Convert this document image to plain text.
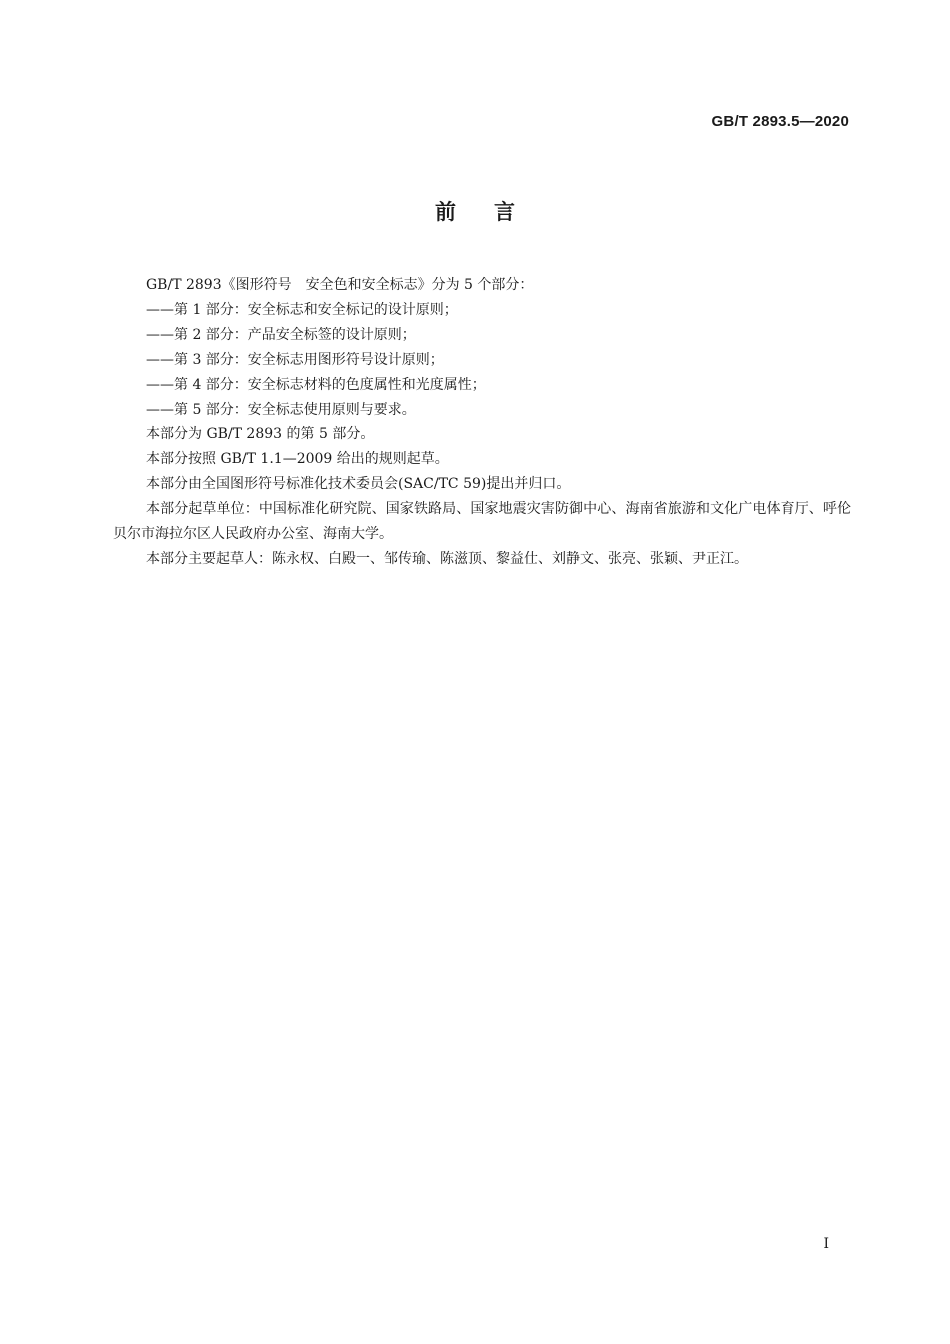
GB/T 2893.5—2020
前言

GB/T 2893《图形符号　安全色和安全标志》分为 5 个部分：

——第 1 部分：安全标志和安全标记的设计原则；

——第 2 部分：产品安全标签的设计原则；

——第 3 部分：安全标志用图形符号设计原则；

——第 4 部分：安全标志材料的色度属性和光度属性；

——第 5 部分：安全标志使用原则与要求。

本部分为 GB/T 2893 的第 5 部分。

本部分按照 GB/T 1.1—2009 给出的规则起草。

本部分由全国图形符号标准化技术委员会(SAC/TC 59)提出并归口。

本部分起草单位：中国标准化研究院、国家铁路局、国家地震灾害防御中心、海南省旅游和文化广电体育厅、呼伦贝尔市海拉尔区人民政府办公室、海南大学。

本部分主要起草人：陈永权、白殿一、邹传瑜、陈滋顶、黎益仕、刘静文、张亮、张颖、尹正江。

I
